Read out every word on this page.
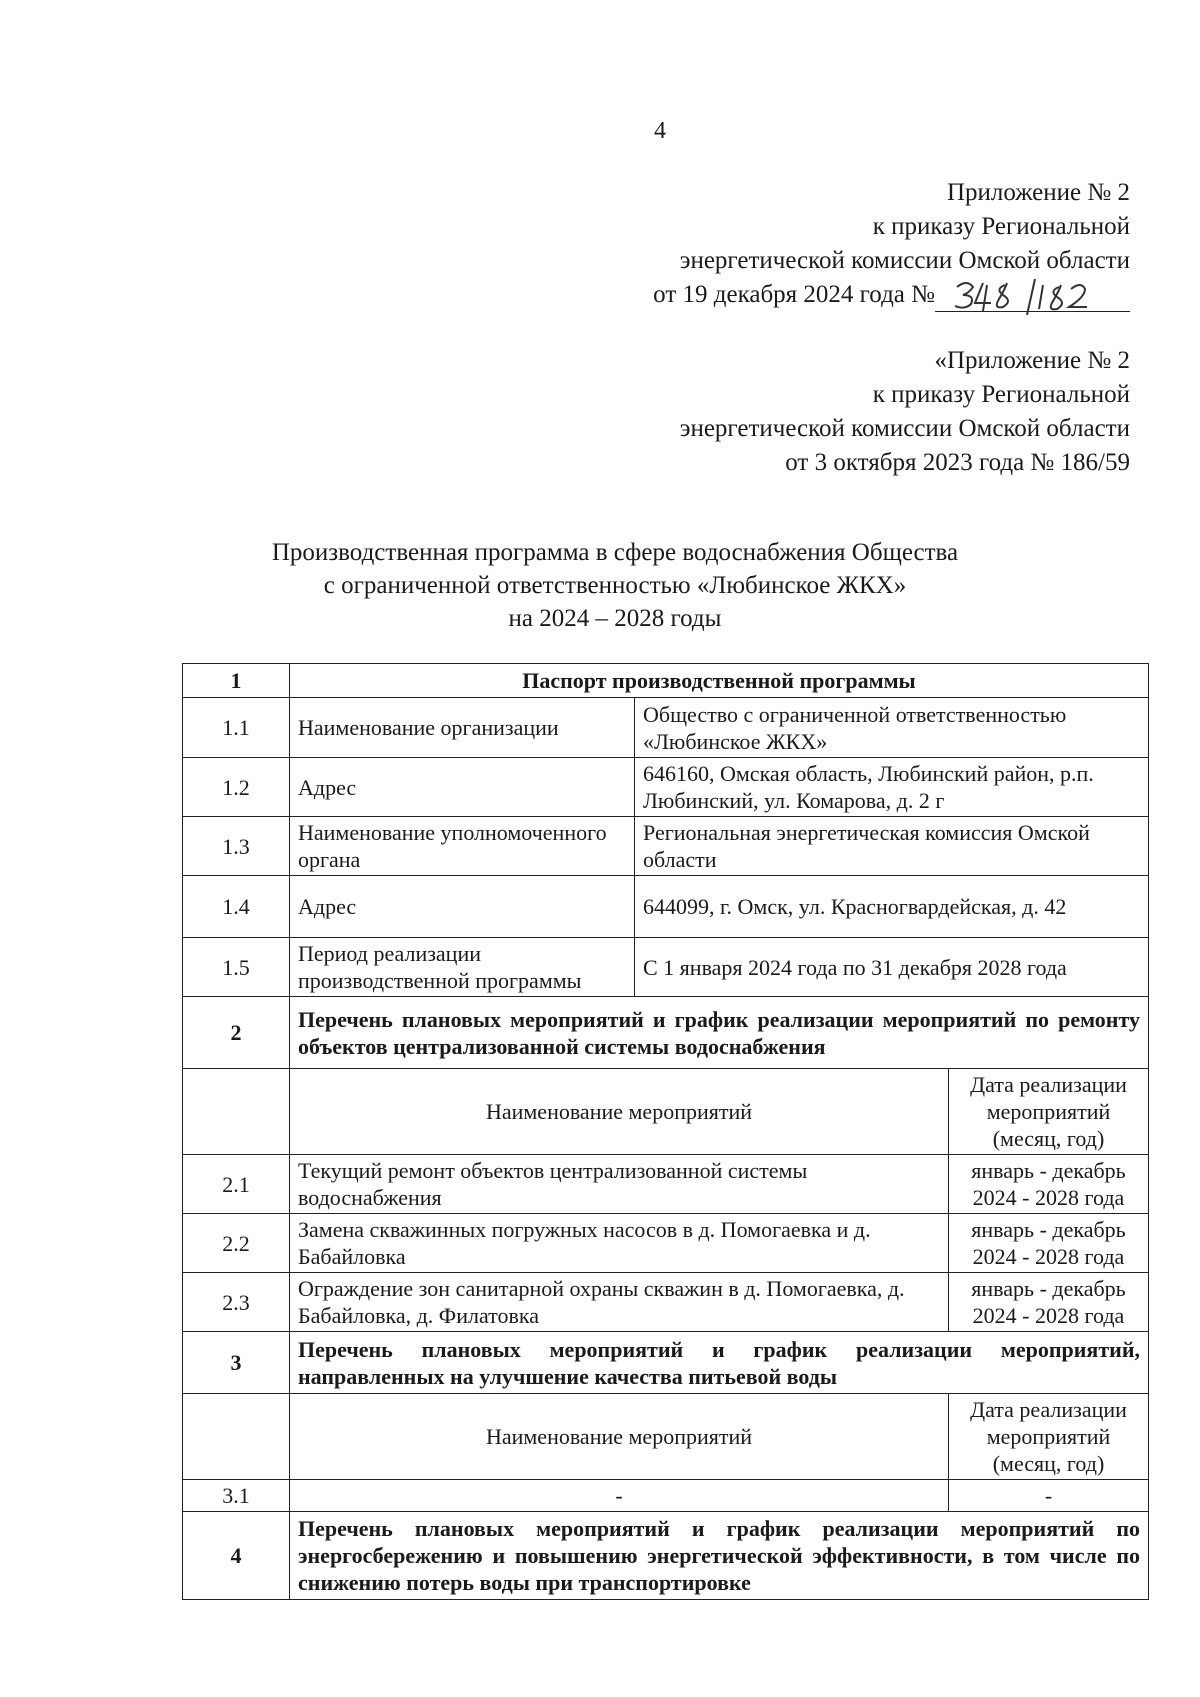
4
Приложение № 2
к приказу Региональной
энергетической комиссии Омской области
от 19 декабря 2024 года №
«Приложение № 2
к приказу Региональной
энергетической комиссии Омской области
от 3 октября 2023 года № 186/59
Производственная программа в сфере водоснабжения Общества
с ограниченной ответственностью «Любинское ЖКХ»
на 2024 – 2028 годы
1	Паспорт производственной программы		
1.1	Наименование организации	Общество с ограниченной ответственностью «Любинское ЖКХ»	
1.2	Адрес	646160, Омская область, Любинский район, р.п. Любинский, ул. Комарова, д. 2 г	
1.3	Наименование уполномоченного органа	Региональная энергетическая комиссия Омской области	
1.4	Адрес	644099, г. Омск, ул. Красногвардейская, д. 42	
1.5	Период реализации производственной программы	С 1 января 2024 года по 31 декабря 2028 года	
2	Перечень плановых мероприятий и график реализации мероприятий по ремонту объектов централизованной системы водоснабжения		
	Наименование мероприятий		Дата реализации мероприятий (месяц, год)
2.1	Текущий ремонт объектов централизованной системы водоснабжения		январь - декабрь 2024 - 2028 года
2.2	Замена скважинных погружных насосов в д. Помогаевка и д. Бабайловка		январь - декабрь 2024 - 2028 года
2.3	Ограждение зон санитарной охраны скважин в д. Помогаевка, д. Бабайловка, д. Филатовка		январь - декабрь 2024 - 2028 года
3	Перечень плановых мероприятий и график реализации мероприятий, направленных на улучшение качества питьевой воды		
	Наименование мероприятий		Дата реализации мероприятий (месяц, год)
3.1	-		-
4	Перечень плановых мероприятий и график реализации мероприятий по энергосбережению и повышению энергетической эффективности, в том числе по снижению потерь воды при транспортировке		
